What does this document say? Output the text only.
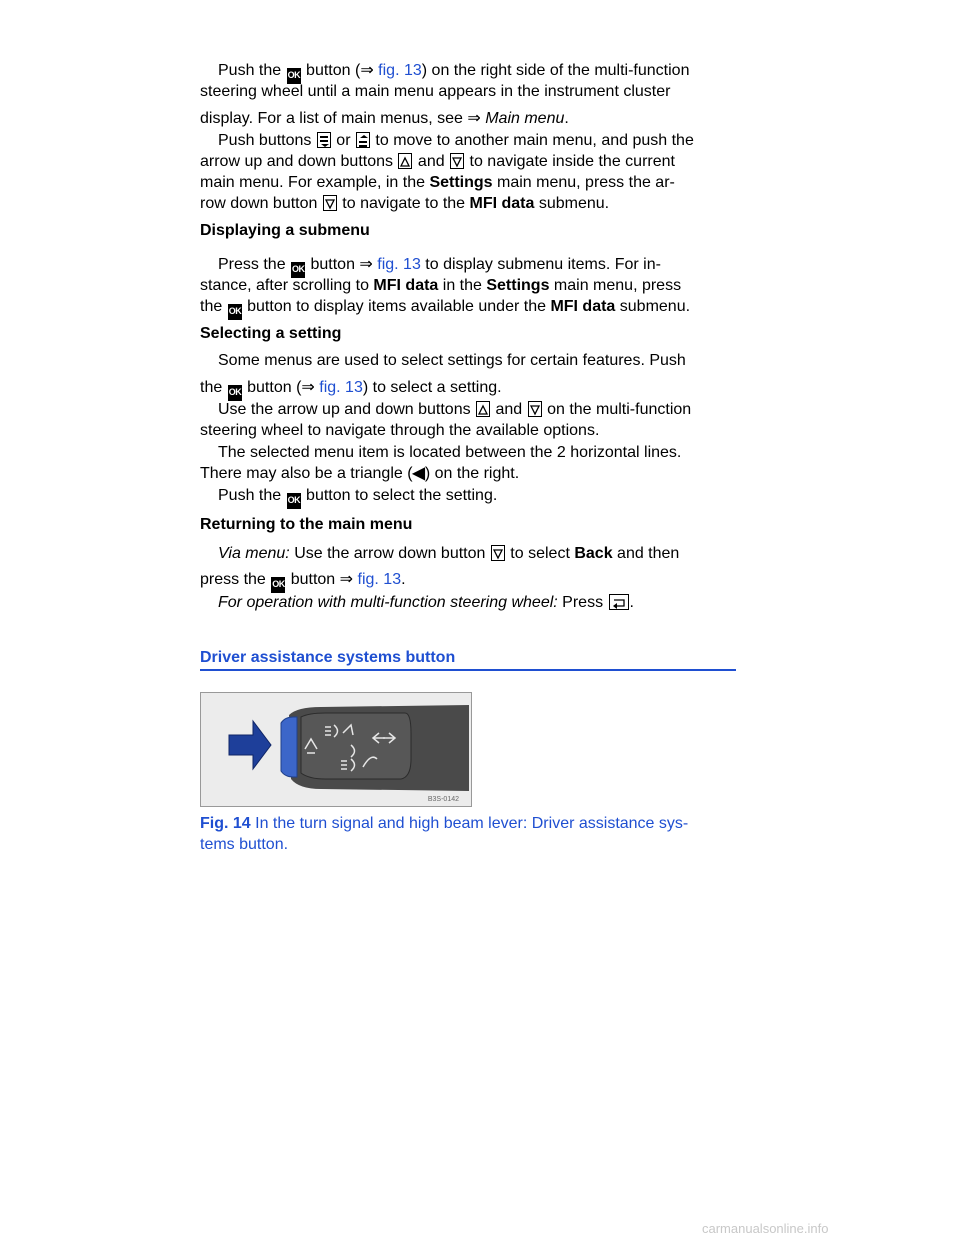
Push the OK button (⇒ fig. 13) on the right side of the multi-function
steering wheel until a main menu appears in the instrument cluster
display. For a list of main menus, see ⇒ Main menu.
Push buttons
or
to move to another main menu, and push the
arrow up and down buttons
and
to navigate inside the current
main menu. For example, in the Settings main menu, press the ar-
row down button
to navigate to the MFI data submenu.
Displaying a submenu
Press the OK button ⇒ fig. 13 to display submenu items. For in-
stance, after scrolling to MFI data in the Settings main menu, press
the OK button to display items available under the MFI data submenu.
Selecting a setting
Some menus are used to select settings for certain features. Push
the OK button (⇒ fig. 13) to select a setting.
Use the arrow up and down buttons
and
on the multi-function
steering wheel to navigate through the available options.
The selected menu item is located between the 2 horizontal lines.
There may also be a triangle (◀) on the right.
Push the OK button to select the setting.
Returning to the main menu
Via menu: Use the arrow down button
to select Back and then
press the OK button ⇒ fig. 13.
For operation with multi-function steering wheel: Press
.
Driver assistance systems button
B3S-0142
Fig. 14 In the turn signal and high beam lever: Driver assistance sys-
tems button.
carmanualsonline.info
